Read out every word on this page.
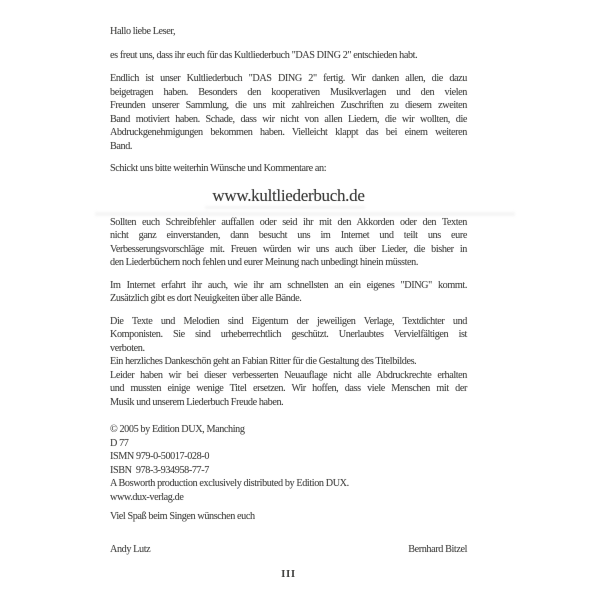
Hallo liebe Leser,
es freut uns, dass ihr euch für das Kultliederbuch "DAS DING 2" entschieden habt.
Endlich ist unser Kultliederbuch "DAS DING 2" fertig. Wir danken allen, die dazu
beigetragen haben. Besonders den kooperativen Musikverlagen und den vielen
Freunden unserer Sammlung, die uns mit zahlreichen Zuschriften zu diesem zweiten
Band motiviert haben. Schade, dass wir nicht von allen Liedern, die wir wollten, die
Abdruckgenehmigungen bekommen haben. Vielleicht klappt das bei einem weiteren
Band.
Schickt uns bitte weiterhin Wünsche und Kommentare an:
www.kultliederbuch.de
Sollten euch Schreibfehler auffallen oder seid ihr mit den Akkorden oder den Texten
nicht ganz einverstanden, dann besucht uns im Internet und teilt uns eure
Verbesserungsvorschläge mit. Freuen würden wir uns auch über Lieder, die bisher in
den Liederbüchern noch fehlen und eurer Meinung nach unbedingt hinein müssten.
Im Internet erfahrt ihr auch, wie ihr am schnellsten an ein eigenes "DING" kommt.
Zusätzlich gibt es dort Neuigkeiten über alle Bände.
Die Texte und Melodien sind Eigentum der jeweiligen Verlage, Textdichter und
Komponisten. Sie sind urheberrechtlich geschützt. Unerlaubtes Vervielfältigen ist
verboten.
Ein herzliches Dankeschön geht an Fabian Ritter für die Gestaltung des Titelbildes.
Leider haben wir bei dieser verbesserten Neuauflage nicht alle Abdruckrechte erhalten
und mussten einige wenige Titel ersetzen. Wir hoffen, dass viele Menschen mit der
Musik und unserem Liederbuch Freude haben.
© 2005 by Edition DUX, Manching
D 77
ISMN 979-0-50017-028-0
ISBN  978-3-934958-77-7
A Bosworth production exclusively distributed by Edition DUX.
www.dux-verlag.de
Viel Spaß beim Singen wünschen euch
Andy Lutz	Bernhard Bitzel
III
